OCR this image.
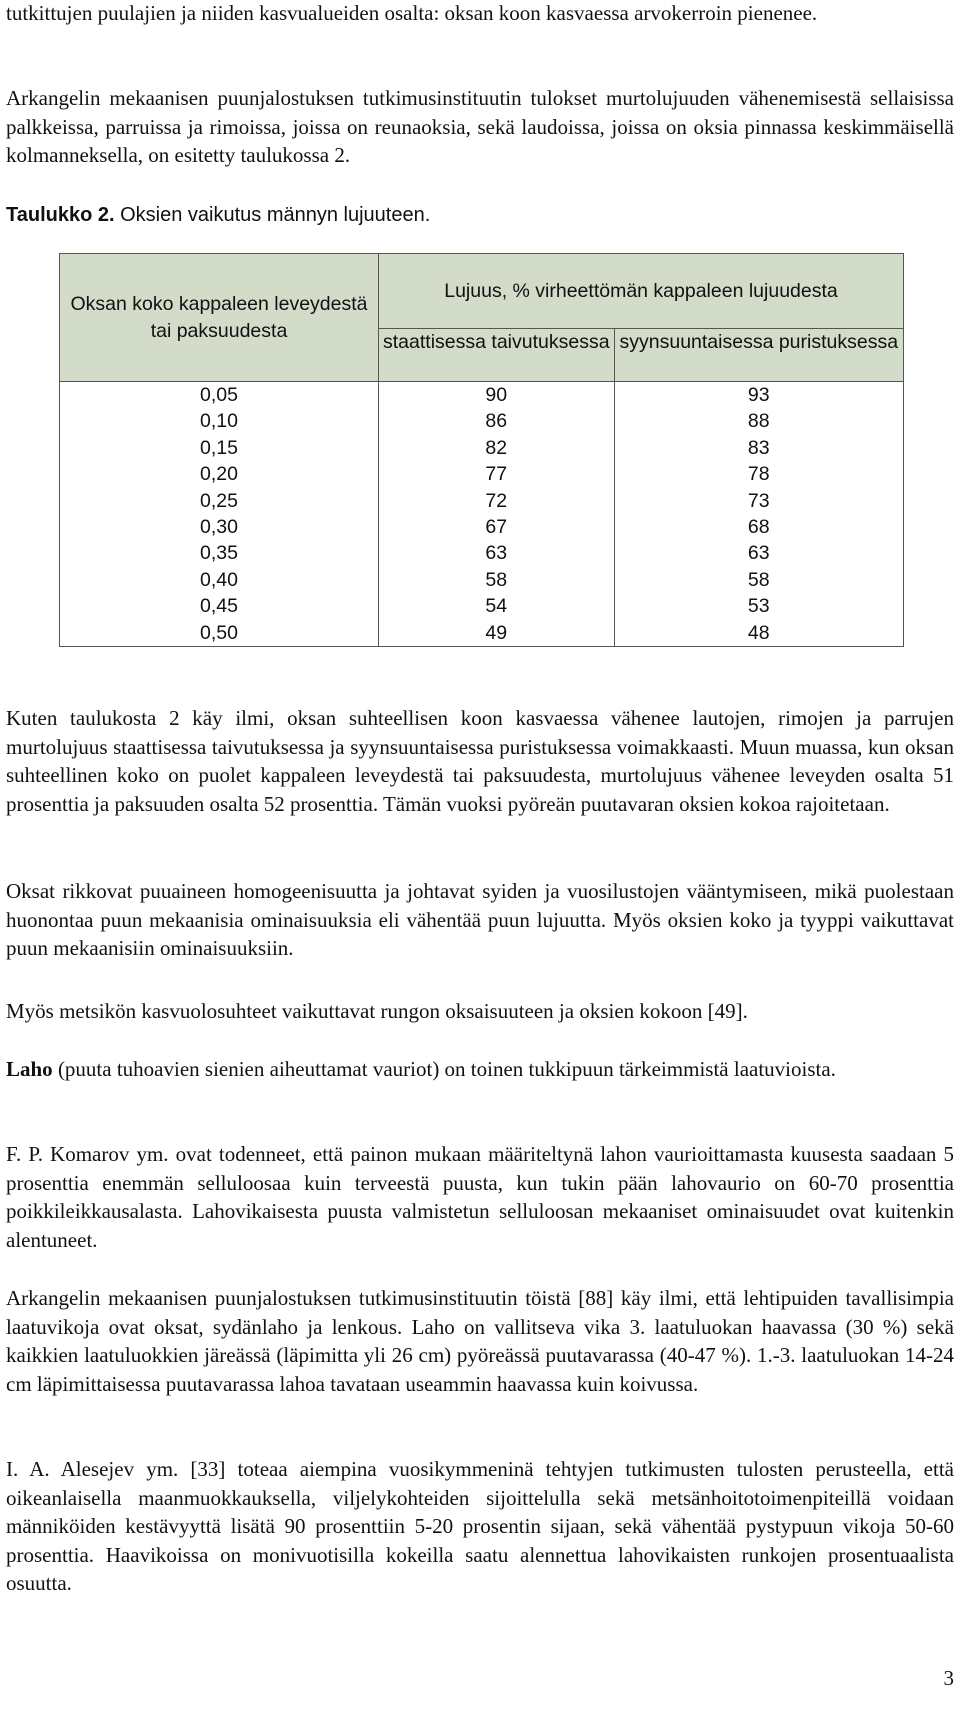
tutkittujen puulajien ja niiden kasvualueiden osalta: oksan koon kasvaessa arvokerroin pienenee.

Arkangelin mekaanisen puunjalostuksen tutkimusinstituutin tulokset murtolujuuden vähenemisestä sellaisissa palkkeissa, parruissa ja rimoissa, joissa on reunaoksia, sekä laudoissa, joissa on oksia pinnassa keskimmäisellä kolmanneksella, on esitetty taulukossa 2.

Taulukko 2. Oksien vaikutus männyn lujuuteen.
Oksan koko kappaleen leveydestä tai paksuudesta	Lujuus, % virheettömän kappaleen lujuudesta	
	staattisessa taivutuksessa	syynsuuntaisessa puristuksessa
0,05	90	93
0,10	86	88
0,15	82	83
0,20	77	78
0,25	72	73
0,30	67	68
0,35	63	63
0,40	58	58
0,45	54	53
0,50	49	48

Kuten taulukosta 2 käy ilmi, oksan suhteellisen koon kasvaessa vähenee lautojen, rimojen ja parrujen murtolujuus staattisessa taivutuksessa ja syynsuuntaisessa puristuksessa voimakkaasti. Muun muassa, kun oksan suhteellinen koko on puolet kappaleen leveydestä tai paksuudesta, murtolujuus vähenee leveyden osalta 51 prosenttia ja paksuuden osalta 52 prosenttia. Tämän vuoksi pyöreän puutavaran oksien kokoa rajoitetaan.

Oksat rikkovat puuaineen homogeenisuutta ja johtavat syiden ja vuosilustojen vääntymiseen, mikä puolestaan huonontaa puun mekaanisia ominaisuuksia eli vähentää puun lujuutta. Myös oksien koko ja tyyppi vaikuttavat puun mekaanisiin ominaisuuksiin.

Myös metsikön kasvuolosuhteet vaikuttavat rungon oksaisuuteen ja oksien kokoon [49].

Laho (puuta tuhoavien sienien aiheuttamat vauriot) on toinen tukkipuun tärkeimmistä laatuvioista.

F. P. Komarov ym. ovat todenneet, että painon mukaan määriteltynä lahon vaurioittamasta kuusesta saadaan 5 prosenttia enemmän selluloosaa kuin terveestä puusta, kun tukin pään lahovaurio on 60-70 prosenttia poikkileikkausalasta. Lahovikaisesta puusta valmistetun selluloosan mekaaniset ominaisuudet ovat kuitenkin alentuneet.

Arkangelin mekaanisen puunjalostuksen tutkimusinstituutin töistä [88] käy ilmi, että lehtipuiden tavallisimpia laatuvikoja ovat oksat, sydänlaho ja lenkous. Laho on vallitseva vika 3. laatuluokan haavassa (30 %) sekä kaikkien laatuluokkien järeässä (läpimitta yli 26 cm) pyöreässä puutavarassa (40-47 %). 1.-3. laatuluokan 14-24 cm läpimittaisessa puutavarassa lahoa tavataan useammin haavassa kuin koivussa.

I. A. Alesejev ym. [33] toteaa aiempina vuosikymmeninä tehtyjen tutkimusten tulosten perusteella, että oikeanlaisella maanmuokkauksella, viljelykohteiden sijoittelulla sekä metsänhoitotoimenpiteillä voidaan männiköiden kestävyyttä lisätä 90 prosenttiin 5-20 prosentin sijaan, sekä vähentää pystypuun vikoja 50-60 prosenttia. Haavikoissa on monivuotisilla kokeilla saatu alennettua lahovikaisten runkojen prosentuaalista osuutta.

3
